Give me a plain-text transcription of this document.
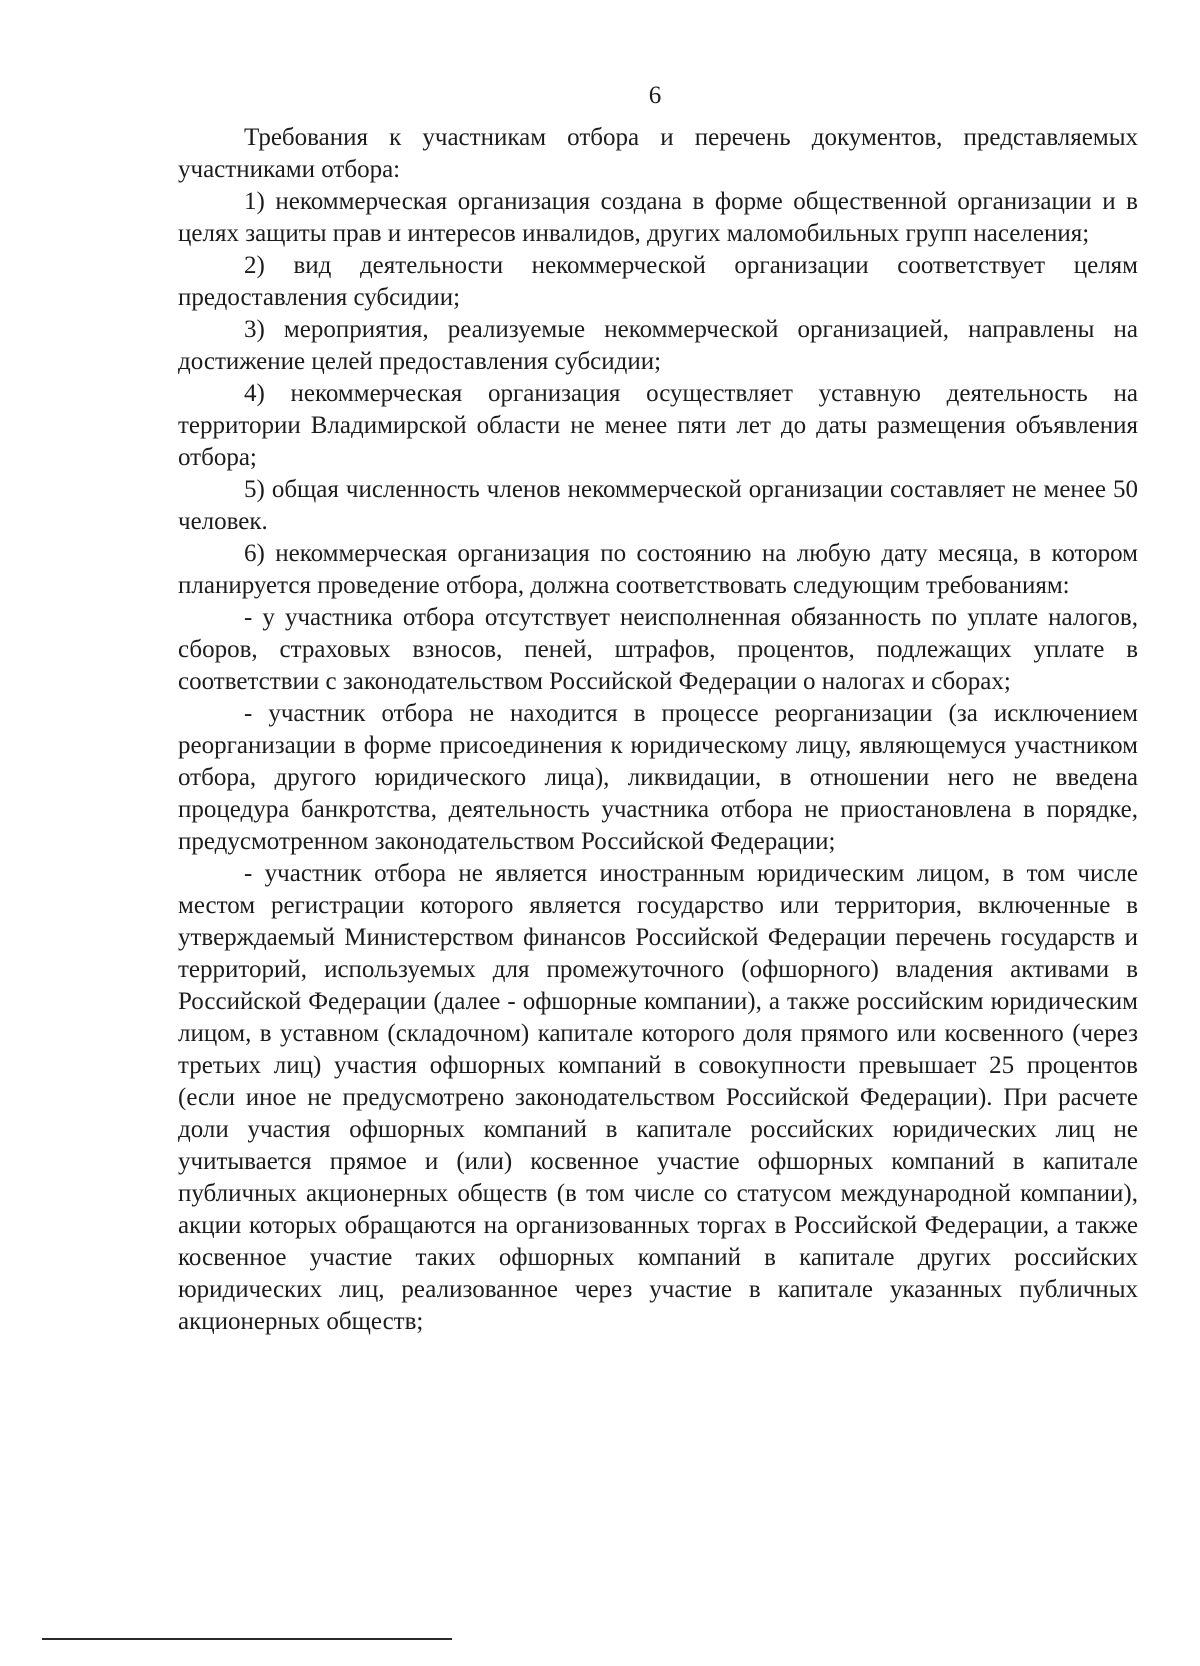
6

Требования к участникам отбора и перечень документов, представляемых участниками отбора:

1) некоммерческая организация создана в форме общественной организации и в целях защиты прав и интересов инвалидов, других маломобильных групп населения;

2) вид деятельности некоммерческой организации соответствует целям предоставления субсидии;

3) мероприятия, реализуемые некоммерческой организацией, направлены на достижение целей предоставления субсидии;

4) некоммерческая организация осуществляет уставную деятельность на территории Владимирской области не менее пяти лет до даты размещения объявления отбора;

5) общая численность членов некоммерческой организации составляет не менее 50 человек.

6) некоммерческая организация по состоянию на любую дату месяца, в котором планируется проведение отбора, должна соответствовать следующим требованиям:

- у участника отбора отсутствует неисполненная обязанность по уплате налогов, сборов, страховых взносов, пеней, штрафов, процентов, подлежащих уплате в соответствии с законодательством Российской Федерации о налогах и сборах;

- участник отбора не находится в процессе реорганизации (за исключением реорганизации в форме присоединения к юридическому лицу, являющемуся участником отбора, другого юридического лица), ликвидации, в отношении него не введена процедура банкротства, деятельность участника отбора не приостановлена в порядке, предусмотренном законодательством Российской Федерации;

- участник отбора не является иностранным юридическим лицом, в том числе местом регистрации которого является государство или территория, включенные в утверждаемый Министерством финансов Российской Федерации перечень государств и территорий, используемых для промежуточного (офшорного) владения активами в Российской Федерации (далее - офшорные компании), а также российским юридическим лицом, в уставном (складочном) капитале которого доля прямого или косвенного (через третьих лиц) участия офшорных компаний в совокупности превышает 25 процентов (если иное не предусмотрено законодательством Российской Федерации). При расчете доли участия офшорных компаний в капитале российских юридических лиц не учитывается прямое и (или) косвенное участие офшорных компаний в капитале публичных акционерных обществ (в том числе со статусом международной компании), акции которых обращаются на организованных торгах в Российской Федерации, а также косвенное участие таких офшорных компаний в капитале других российских юридических лиц, реализованное через участие в капитале указанных публичных акционерных обществ;
